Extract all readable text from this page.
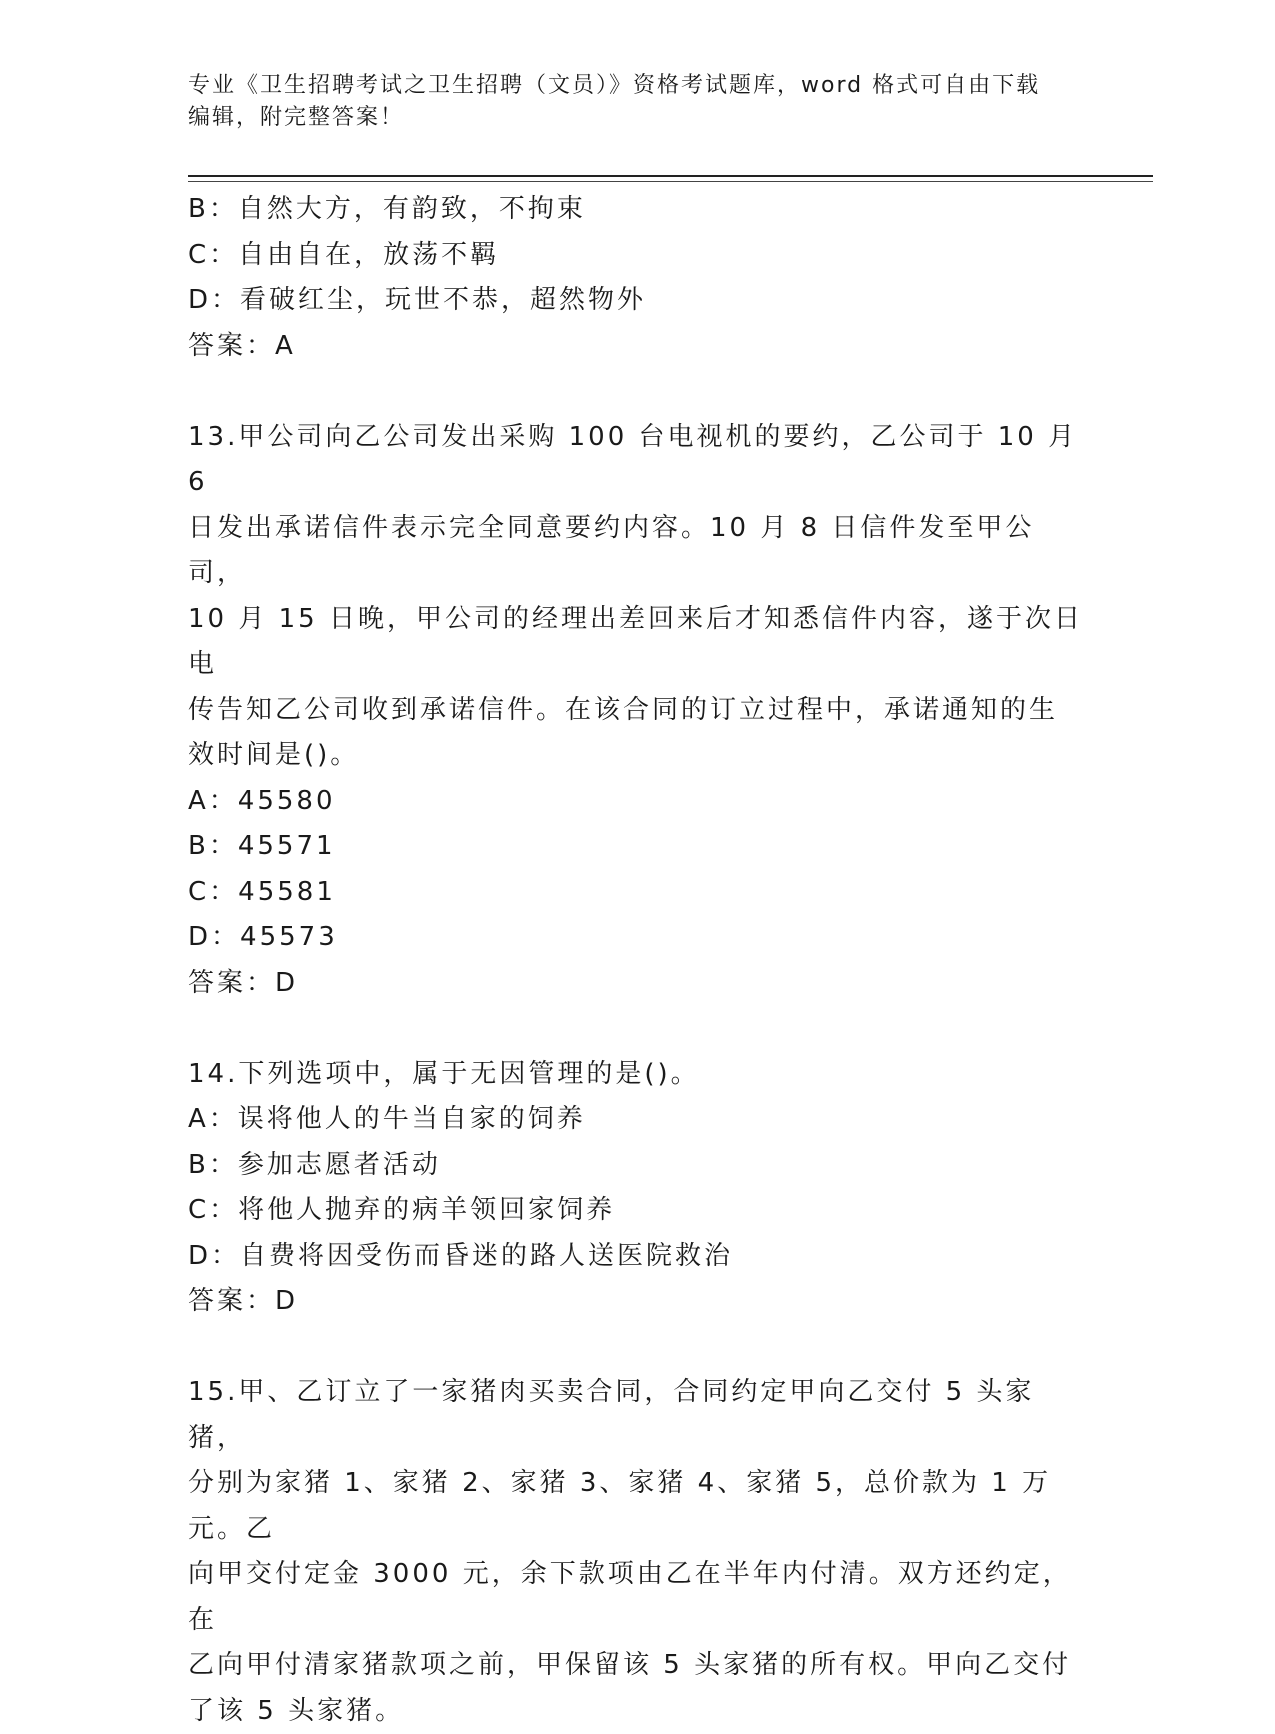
专业《卫生招聘考试之卫生招聘（文员）》资格考试题库，word 格式可自由下载
编辑，附完整答案！
B：自然大方，有韵致，不拘束
C：自由自在，放荡不羁
D：看破红尘，玩世不恭，超然物外
答案：A
13.甲公司向乙公司发出采购 100 台电视机的要约，乙公司于 10 月 6
日发出承诺信件表示完全同意要约内容。10 月 8 日信件发至甲公司，
10 月 15 日晚，甲公司的经理出差回来后才知悉信件内容，遂于次日电
传告知乙公司收到承诺信件。在该合同的订立过程中，承诺通知的生
效时间是()。
A：45580
B：45571
C：45581
D：45573
答案：D
14.下列选项中，属于无因管理的是()。
A：误将他人的牛当自家的饲养
B：参加志愿者活动
C：将他人抛弃的病羊领回家饲养
D：自费将因受伤而昏迷的路人送医院救治
答案：D
15.甲、乙订立了一家猪肉买卖合同，合同约定甲向乙交付 5 头家猪，
分别为家猪 1、家猪 2、家猪 3、家猪 4、家猪 5，总价款为 1 万元。乙
向甲交付定金 3000 元，余下款项由乙在半年内付清。双方还约定，在
乙向甲付清家猪款项之前，甲保留该 5 头家猪的所有权。甲向乙交付
了该 5 头家猪。
